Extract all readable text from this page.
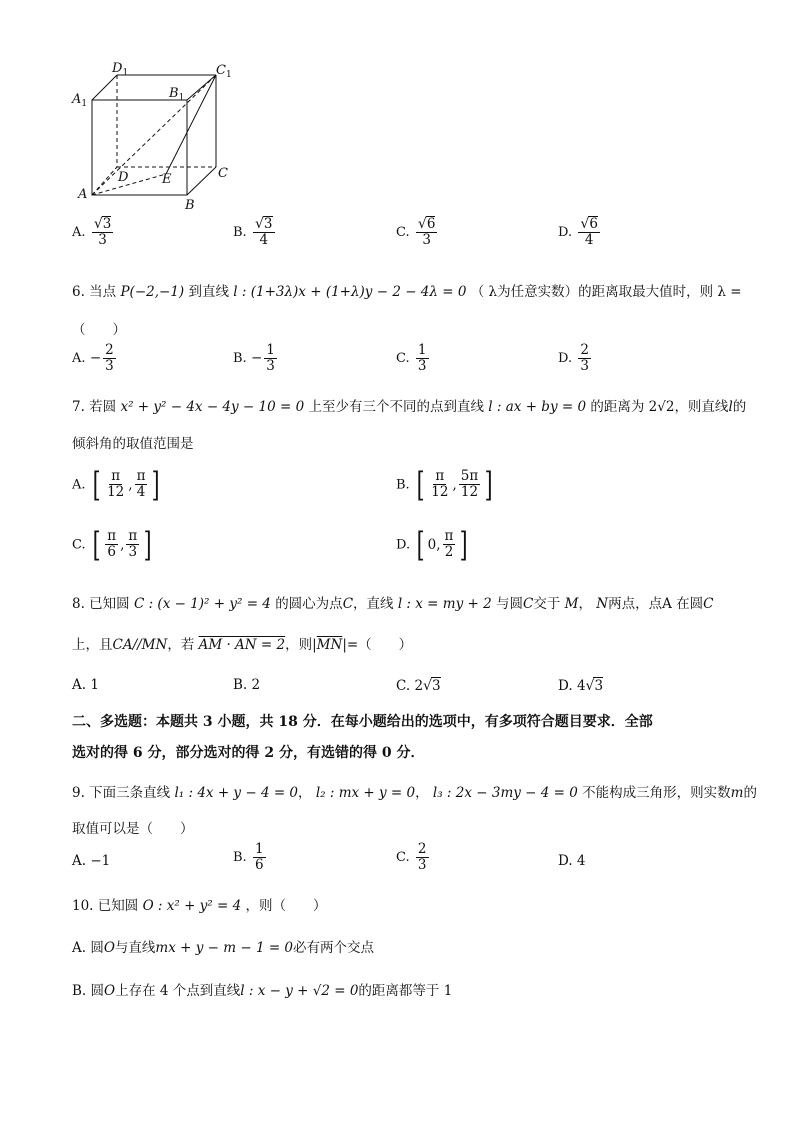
$D_1$	$C_1$
$A_1$
$B_1$
A
D	E
B
C
A. $\frac{√3}{3}$	B. $\frac{√3}{4}$	C. $\frac{√6}{3}$	D. $\frac{√6}{4}$
6. 当点 P(−2,−1) 到直线 l : (1+3λ)x + (1+λ)y − 2 − 4λ = 0 （ λ为任意实数）的距离取最大值时，则 λ =
（　　）
A. − $\frac{2}{3}$	B. − $\frac{1}{3}$	C. $\frac{1}{3}$	D. $\frac{2}{3}$
7. 若圆 x² + y² − 4x − 4y − 10 = 0 上至少有三个不同的点到直线 l : ax + by = 0 的距离为 2√2，则直线l的
倾斜角的取值范围是
A. [ $\frac{\pi}{12}$ , $\frac{\pi}{4}$ ]	B. [ $\frac{\pi}{12}$ , $\frac{5\pi}{12}$ ]
C. [ $\frac{\pi}{6}$ , $\frac{\pi}{3}$ ]	D. [ 0 , $\frac{\pi}{2}$ ]
8. 已知圆 C : (x − 1)² + y² = 4 的圆心为点C，直线 l : x = my + 2 与圆C交于 M， N两点，点A 在圆C
上，且CA//MN，若 AM · AN = 2，则$|\overline{MN}|=$（　　）
A. 1	B. 2	C. 2√3	D. 4√3
二、多选题：本题共 3 小题，共 18 分．在每小题给出的选项中，有多项符合题目要求．全部
选对的得 6 分，部分选对的得 2 分，有选错的得 0 分．
9. 下面三条直线 l₁ : 4x + y − 4 = 0， l₂ : mx + y = 0， l₃ : 2x − 3my − 4 = 0 不能构成三角形，则实数m的
取值可以是（　　）
A. −1	B. $\frac{1}{6}$	C. $\frac{2}{3}$	D. 4
10. 已知圆 O : x² + y² = 4 ，则（　　）
A. 圆O与直线mx + y − m − 1 = 0必有两个交点
B. 圆O上存在 4 个点到直线l : x − y + √2 = 0的距离都等于 1
